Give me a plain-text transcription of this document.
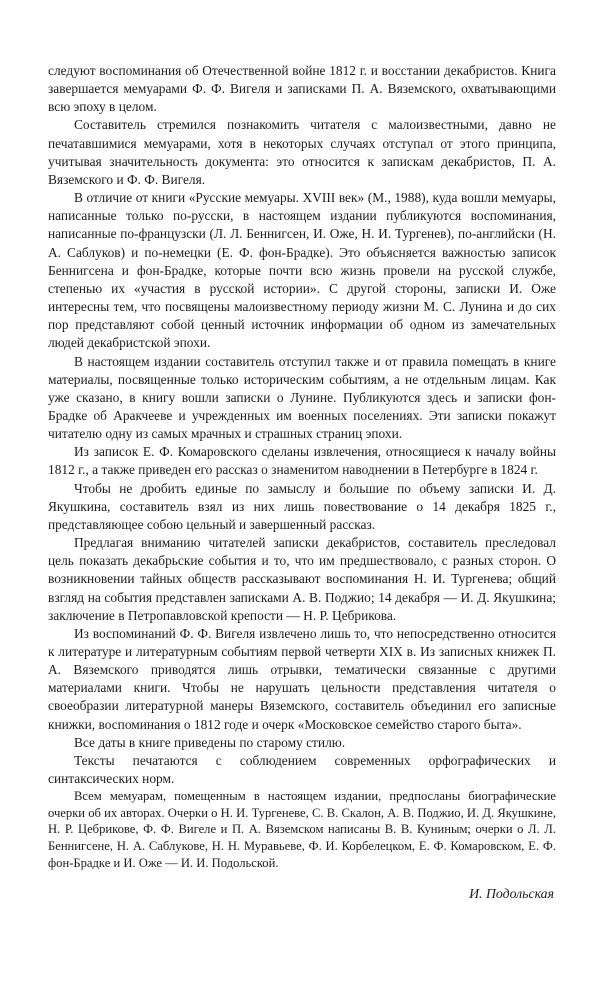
следуют воспоминания об Отечественной войне 1812 г. и восстании декабристов. Книга завершается мемуарами Ф. Ф. Вигеля и записками П. А. Вяземского, охватывающими всю эпоху в целом.

Составитель стремился познакомить читателя с малоизвестными, давно не печатавшимися мемуарами, хотя в некоторых случаях отступал от этого принципа, учитывая значительность документа: это относится к запискам декабристов, П. А. Вяземского и Ф. Ф. Вигеля.

В отличие от книги «Русские мемуары. XVIII век» (М., 1988), куда вошли мемуары, написанные только по-русски, в настоящем издании публикуются воспоминания, написанные по-французски (Л. Л. Беннигсен, И. Оже, Н. И. Тургенев), по-английски (Н. А. Саблуков) и по-немецки (Е. Ф. фон-Брадке). Это объясняется важностью записок Беннигсена и фон-Брадке, которые почти всю жизнь провели на русской службе, степенью их «участия в русской истории». С другой стороны, записки И. Оже интересны тем, что посвящены малоизвестному периоду жизни М. С. Лунина и до сих пор представляют собой ценный источник информации об одном из замечательных людей декабристской эпохи.

В настоящем издании составитель отступил также и от правила помещать в книге материалы, посвященные только историческим событиям, а не отдельным лицам. Как уже сказано, в книгу вошли записки о Лунине. Публикуются здесь и записки фон-Брадке об Аракчееве и учрежденных им военных поселениях. Эти записки покажут читателю одну из самых мрачных и страшных страниц эпохи.

Из записок Е. Ф. Комаровского сделаны извлечения, относящиеся к началу войны 1812 г., а также приведен его рассказ о знаменитом наводнении в Петербурге в 1824 г.

Чтобы не дробить единые по замыслу и большие по объему записки И. Д. Якушкина, составитель взял из них лишь повествование о 14 декабря 1825 г., представляющее собою цельный и завершенный рассказ.

Предлагая вниманию читателей записки декабристов, составитель преследовал цель показать декабрьские события и то, что им предшествовало, с разных сторон. О возникновении тайных обществ рассказывают воспоминания Н. И. Тургенева; общий взгляд на события представлен записками А. В. Поджио; 14 декабря — И. Д. Якушкина; заключение в Петропавловской крепости — Н. Р. Цебрикова.

Из воспоминаний Ф. Ф. Вигеля извлечено лишь то, что непосредственно относится к литературе и литературным событиям первой четверти XIX в. Из записных книжек П. А. Вяземского приводятся лишь отрывки, тематически связанные с другими материалами книги. Чтобы не нарушать цельности представления читателя о своеобразии литературной манеры Вяземского, составитель объединил его записные книжки, воспоминания о 1812 годе и очерк «Московское семейство старого быта».

Все даты в книге приведены по старому стилю.

Тексты печатаются с соблюдением современных орфографических и синтаксических норм.

Всем мемуарам, помещенным в настоящем издании, предпосланы биографические очерки об их авторах. Очерки о Н. И. Тургеневе, С. В. Скалон, А. В. Поджио, И. Д. Якушкине, Н. Р. Цебрикове, Ф. Ф. Вигеле и П. А. Вяземском написаны В. В. Куниным; очерки о Л. Л. Беннигсене, Н. А. Саблукове, Н. Н. Муравьеве, Ф. И. Корбелецком, Е. Ф. Комаровском, Е. Ф. фон-Брадке и И. Оже — И. И. Подольской.

И. Подольская
